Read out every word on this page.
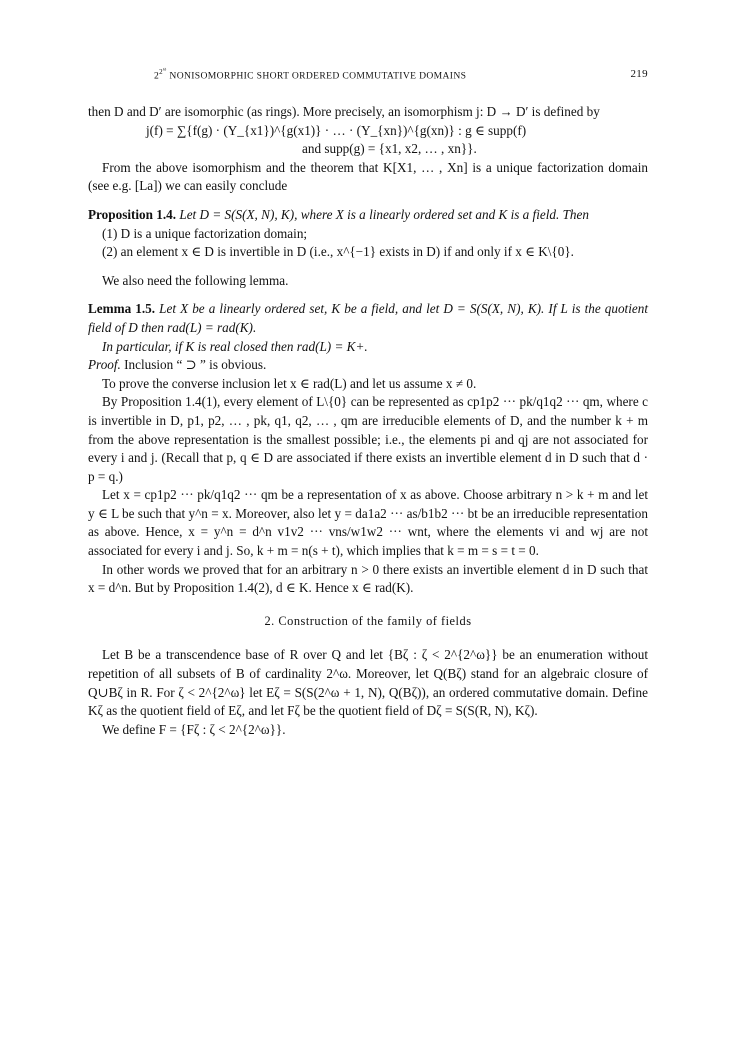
$2^{2^\omega}$ NONISOMORPHIC SHORT ORDERED COMMUTATIVE DOMAINS	219

then D and D′ are isomorphic (as rings). More precisely, an isomorphism j: D → D′ is defined by

j(f) = ∑{f(g) · (Y_{x1})^{g(x1)} · … · (Y_{xn})^{g(xn)} : g ∈ supp(f)

and supp(g) = {x1, x2, … , xn}}.

From the above isomorphism and the theorem that K[X1, … , Xn] is a unique factorization domain (see e.g. [La]) we can easily conclude

Proposition 1.4. Let D = S(S(X, N), K), where X is a linearly ordered set and K is a field. Then

(1) D is a unique factorization domain;

(2) an element x ∈ D is invertible in D (i.e., x^{−1} exists in D) if and only if x ∈ K\{0}.

We also need the following lemma.

Lemma 1.5. Let X be a linearly ordered set, K be a field, and let D = S(S(X, N), K). If L is the quotient field of D then rad(L) = rad(K).

In particular, if K is real closed then rad(L) = K+.

Proof. Inclusion “ ⊃ ” is obvious.

To prove the converse inclusion let x ∈ rad(L) and let us assume x ≠ 0.

By Proposition 1.4(1), every element of L\{0} can be represented as cp1p2 ··· pk/q1q2 ··· qm, where c is invertible in D, p1, p2, … , pk, q1, q2, … , qm are irreducible elements of D, and the number k + m from the above representation is the smallest possible; i.e., the elements pi and qj are not associated for every i and j. (Recall that p, q ∈ D are associated if there exists an invertible element d in D such that d · p = q.)

Let x = cp1p2 ··· pk/q1q2 ··· qm be a representation of x as above. Choose arbitrary n > k + m and let y ∈ L be such that y^n = x. Moreover, also let y = da1a2 ··· as/b1b2 ··· bt be an irreducible representation as above. Hence, x = y^n = d^n v1v2 ··· vns/w1w2 ··· wnt, where the elements vi and wj are not associated for every i and j. So, k + m = n(s + t), which implies that k = m = s = t = 0.

In other words we proved that for an arbitrary n > 0 there exists an invertible element d in D such that x = d^n. But by Proposition 1.4(2), d ∈ K. Hence x ∈ rad(K).

2. Construction of the family of fields

Let B be a transcendence base of R over Q and let {Bζ : ζ < 2^{2^ω}} be an enumeration without repetition of all subsets of B of cardinality 2^ω. Moreover, let Q(Bζ) stand for an algebraic closure of Q∪Bζ in R. For ζ < 2^{2^ω} let Eζ = S(S(2^ω + 1, N), Q(Bζ)), an ordered commutative domain. Define Kζ as the quotient field of Eζ, and let Fζ be the quotient field of Dζ = S(S(R, N), Kζ).

We define F = {Fζ : ζ < 2^{2^ω}}.
